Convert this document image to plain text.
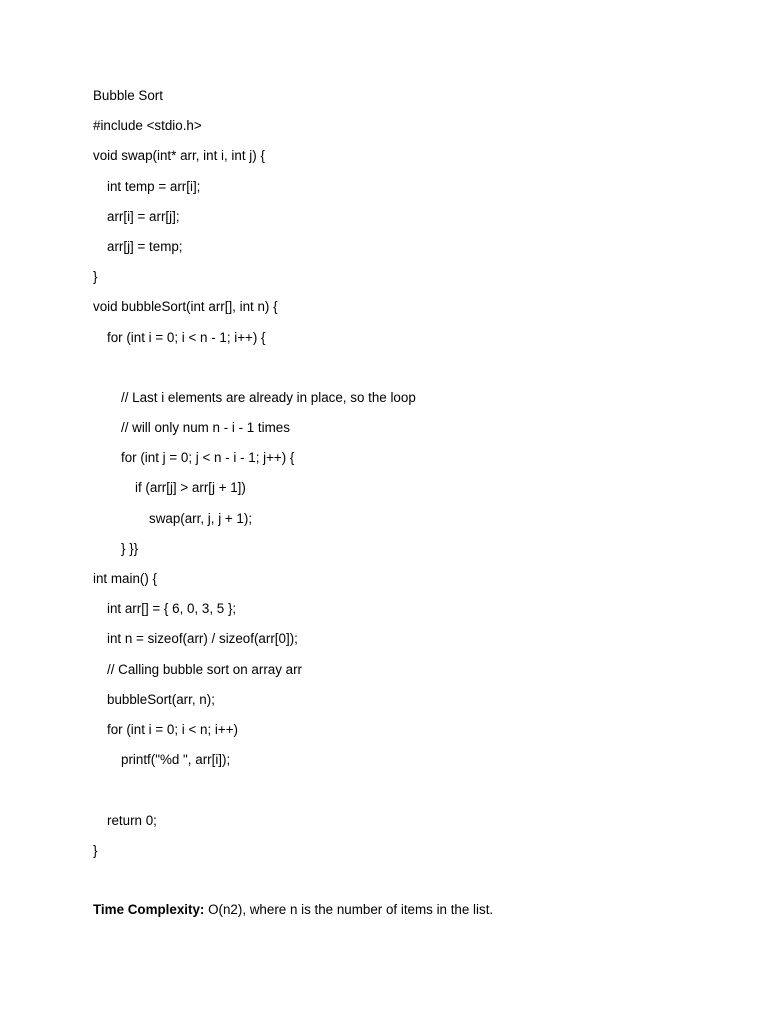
Bubble Sort
#include <stdio.h>
void swap(int* arr, int i, int j) {
int temp = arr[i];
arr[i] = arr[j];
arr[j] = temp;
}
void bubbleSort(int arr[], int n) {
for (int i = 0; i < n - 1; i++) {
// Last i elements are already in place, so the loop
// will only num n - i - 1 times
for (int j = 0; j < n - i - 1; j++) {
if (arr[j] > arr[j + 1])
swap(arr, j, j + 1);
} }}
int main() {
int arr[] = { 6, 0, 3, 5 };
int n = sizeof(arr) / sizeof(arr[0]);
// Calling bubble sort on array arr
bubbleSort(arr, n);
for (int i = 0; i < n; i++)
printf("%d ", arr[i]);
return 0;
}
Time Complexity: O(n2), where n is the number of items in the list.
